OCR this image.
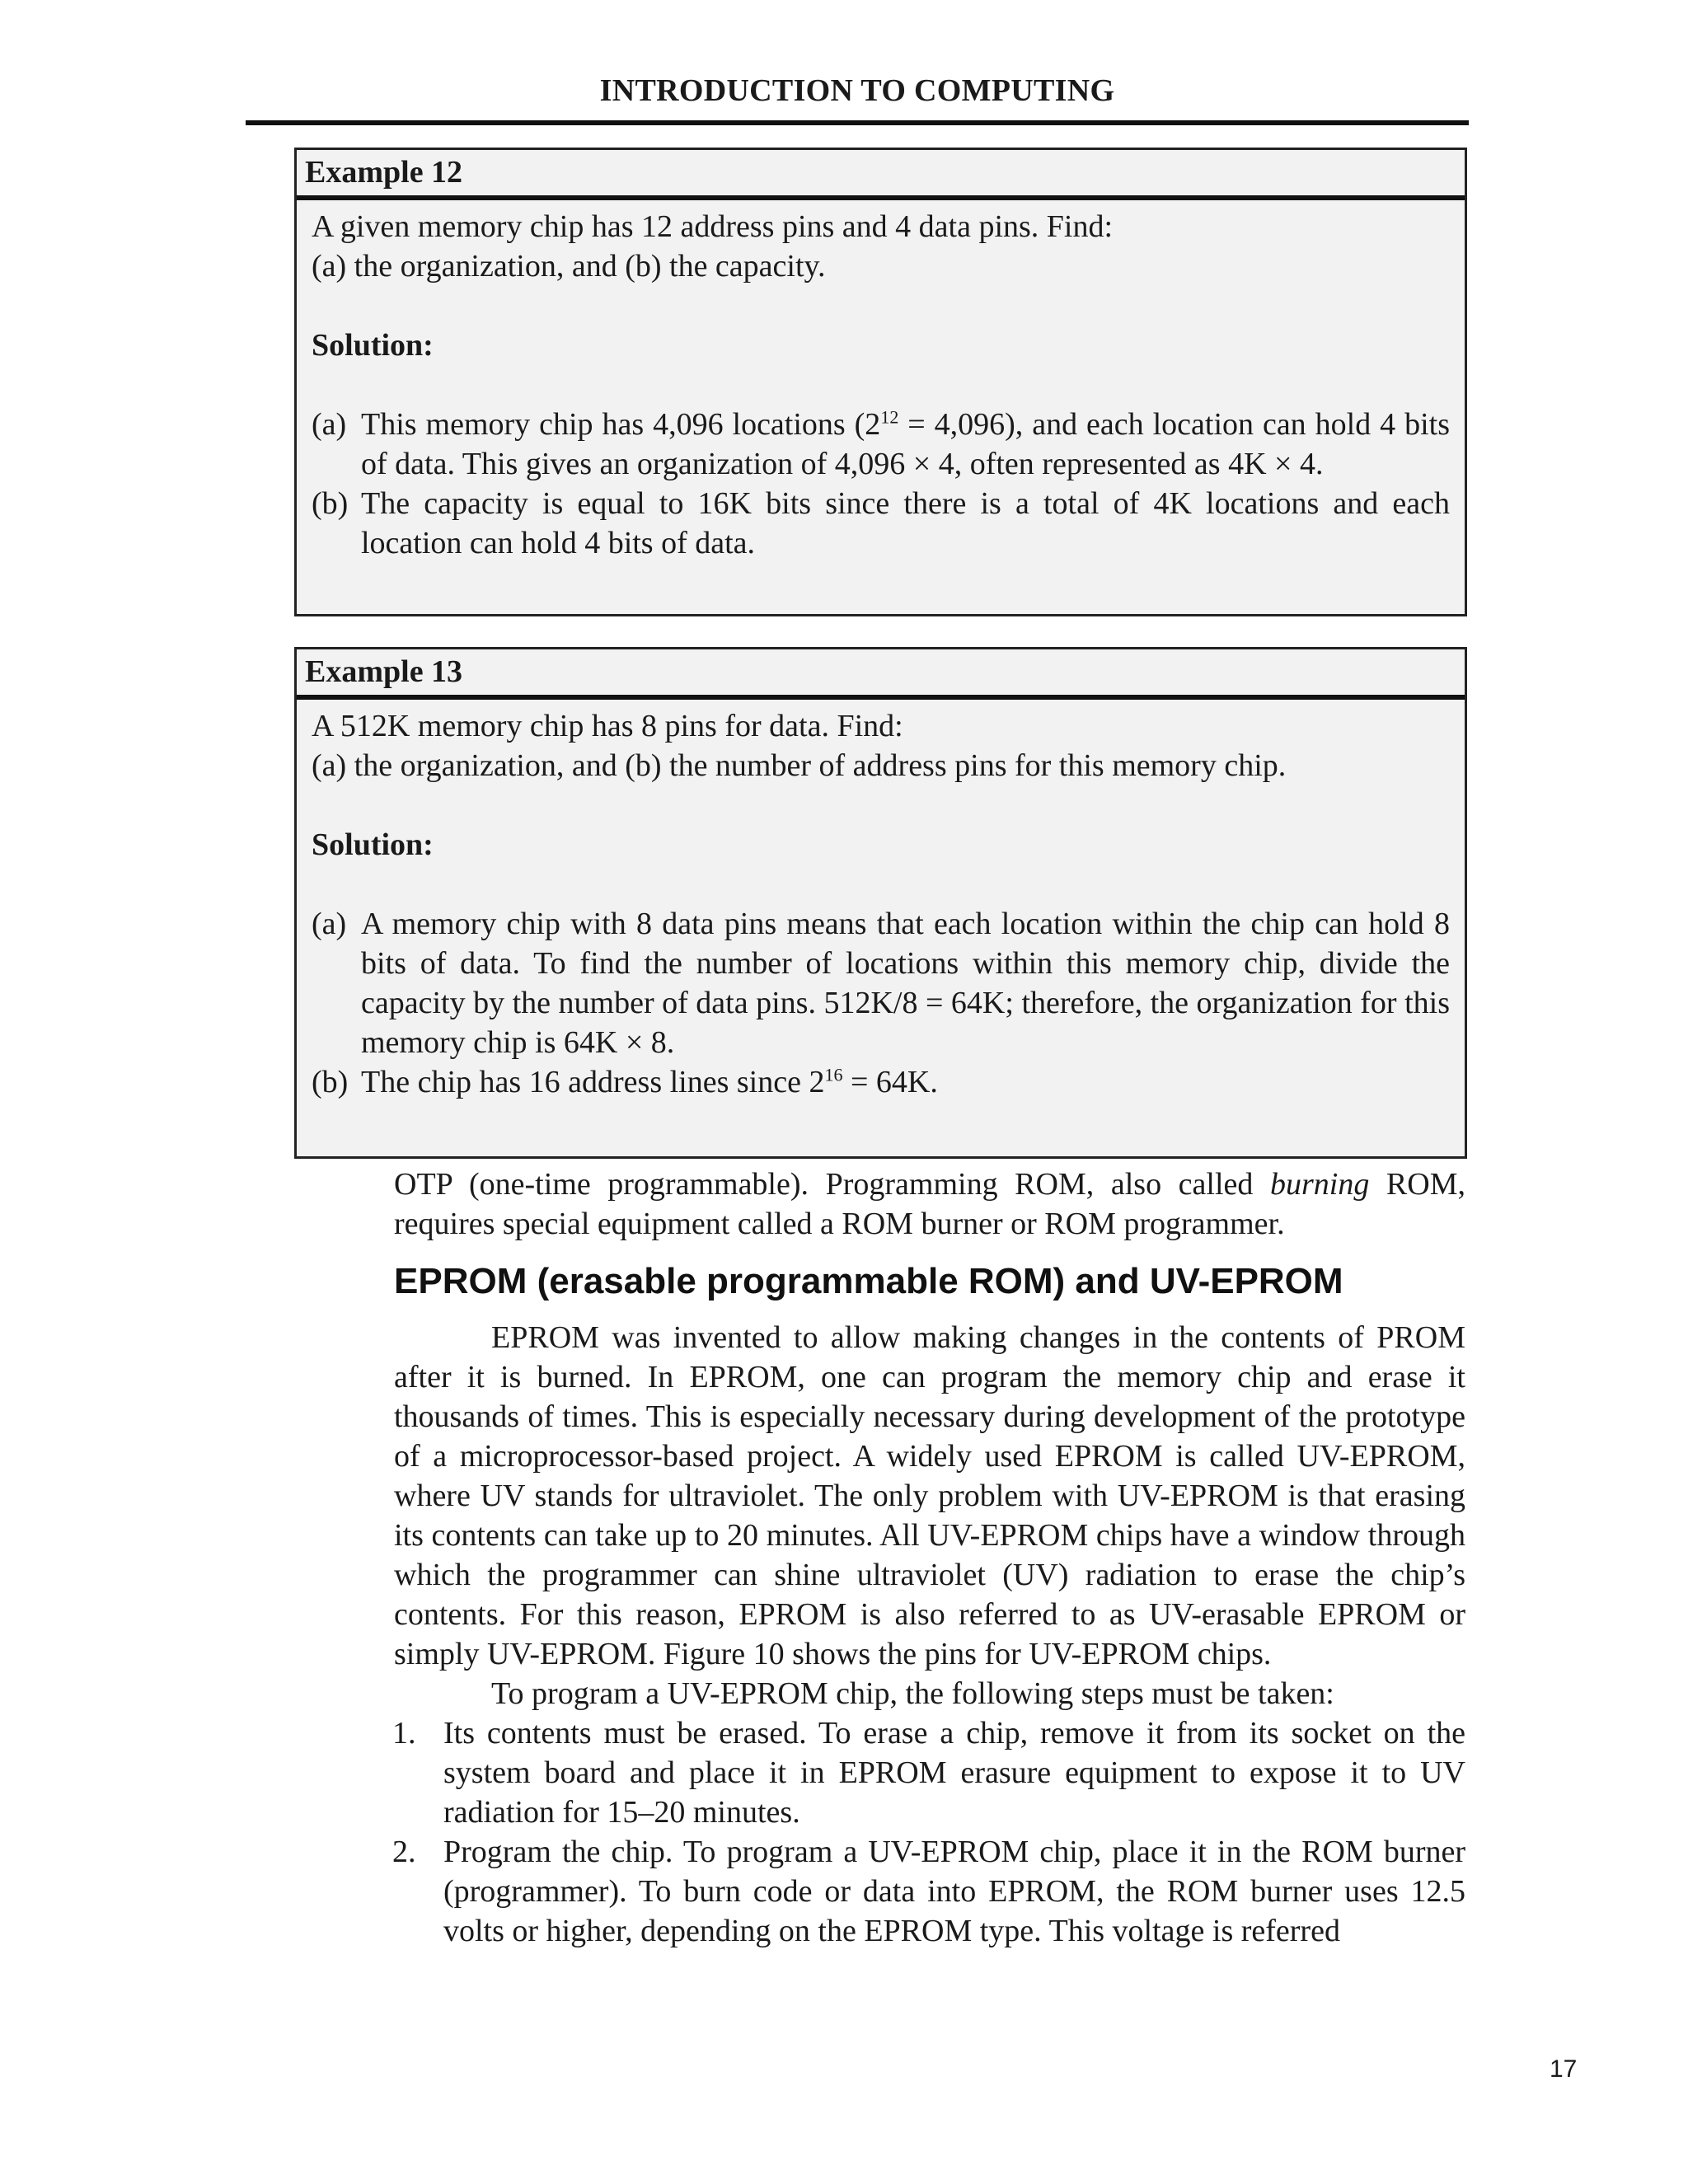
INTRODUCTION TO COMPUTING
Example 12

A given memory chip has 12 address pins and 4 data pins. Find:

(a) the organization, and (b) the capacity.

Solution:

(a) This memory chip has 4,096 locations $(2^{12} = 4,096)$, and each location can hold 4 bits of data. This gives an organization of 4,096 × 4, often represented as 4K × 4.
(b) The capacity is equal to 16K bits since there is a total of 4K locations and each location can hold 4 bits of data.
Example 13

A 512K memory chip has 8 pins for data. Find:

(a) the organization, and (b) the number of address pins for this memory chip.

Solution:

(a) A memory chip with 8 data pins means that each location within the chip can hold 8 bits of data. To find the number of locations within this memory chip, divide the capacity by the number of data pins. 512K/8 = 64K; therefore, the organization for this memory chip is 64K × 8.
(b) The chip has 16 address lines since $2^{16} = 64K$.

OTP (one-time programmable). Programming ROM, also called burning ROM, requires special equipment called a ROM burner or ROM programmer.

EPROM (erasable programmable ROM) and UV-EPROM

EPROM was invented to allow making changes in the contents of PROM after it is burned. In EPROM, one can program the memory chip and erase it thousands of times. This is especially necessary during development of the prototype of a microprocessor-based project. A widely used EPROM is called UV-EPROM, where UV stands for ultraviolet. The only problem with UV-EPROM is that erasing its contents can take up to 20 minutes. All UV-EPROM chips have a window through which the programmer can shine ultraviolet (UV) radiation to erase the chip’s contents. For this reason, EPROM is also referred to as UV-erasable EPROM or simply UV-EPROM. Figure 10 shows the pins for UV-EPROM chips.

To program a UV-EPROM chip, the following steps must be taken:

1. Its contents must be erased. To erase a chip, remove it from its socket on the system board and place it in EPROM erasure equipment to expose it to UV radiation for 15–20 minutes.
2. Program the chip. To program a UV-EPROM chip, place it in the ROM burner (programmer). To burn code or data into EPROM, the ROM burner uses 12.5 volts or higher, depending on the EPROM type. This voltage is referred
17
